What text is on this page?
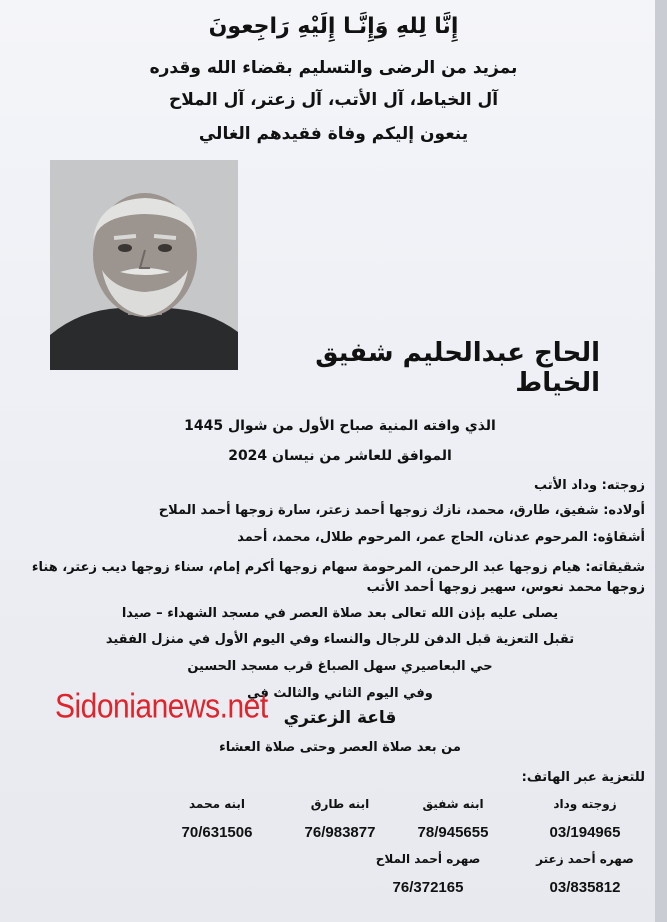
إِنَّا لِلهِ وَإِنَّـا إِلَيْهِ رَاجِعونَ
بمزيد من الرضى والتسليم بقضاء الله وقدره
آل الخياط، آل الأتب، آل زعتر، آل الملاح
ينعون إليكم وفاة فقيدهم الغالي
الحاج عبدالحليم شفيق الخياط
الذي وافته المنية صباح الأول من شوال 1445
الموافق للعاشر من نيسان 2024
زوجته: وداد الأتب
أولاده: شفيق، طارق، محمد، نازك زوجها أحمد زعتر، سارة زوجها أحمد الملاح
أشقاؤه: المرحوم عدنان، الحاج عمر، المرحوم طلال، محمد، أحمد
شقيقاته: هيام زوجها عبد الرحمن، المرحومة سهام زوجها أكرم إمام، سناء زوجها ديب زعتر، هناء زوجها محمد نعوس، سهير زوجها أحمد الأتب
يصلى عليه بإذن الله تعالى بعد صلاة العصر في مسجد الشهداء – صيدا
تقبل التعزية قبل الدفن للرجال والنساء وفي اليوم الأول في منزل الفقيد
حي البعاصيري سهل الصباغ قرب مسجد الحسين
وفي اليوم الثاني والثالث في
قاعة الزعتري
من بعد صلاة العصر وحتى صلاة العشاء
Sidonianews.net
للتعزية عبر الهاتف:
زوجته وداد
03/194965
ابنه شفيق
78/945655
ابنه طارق
76/983877
ابنه محمد
70/631506
صهره أحمد زعتر
03/835812
صهره أحمد الملاح
76/372165
